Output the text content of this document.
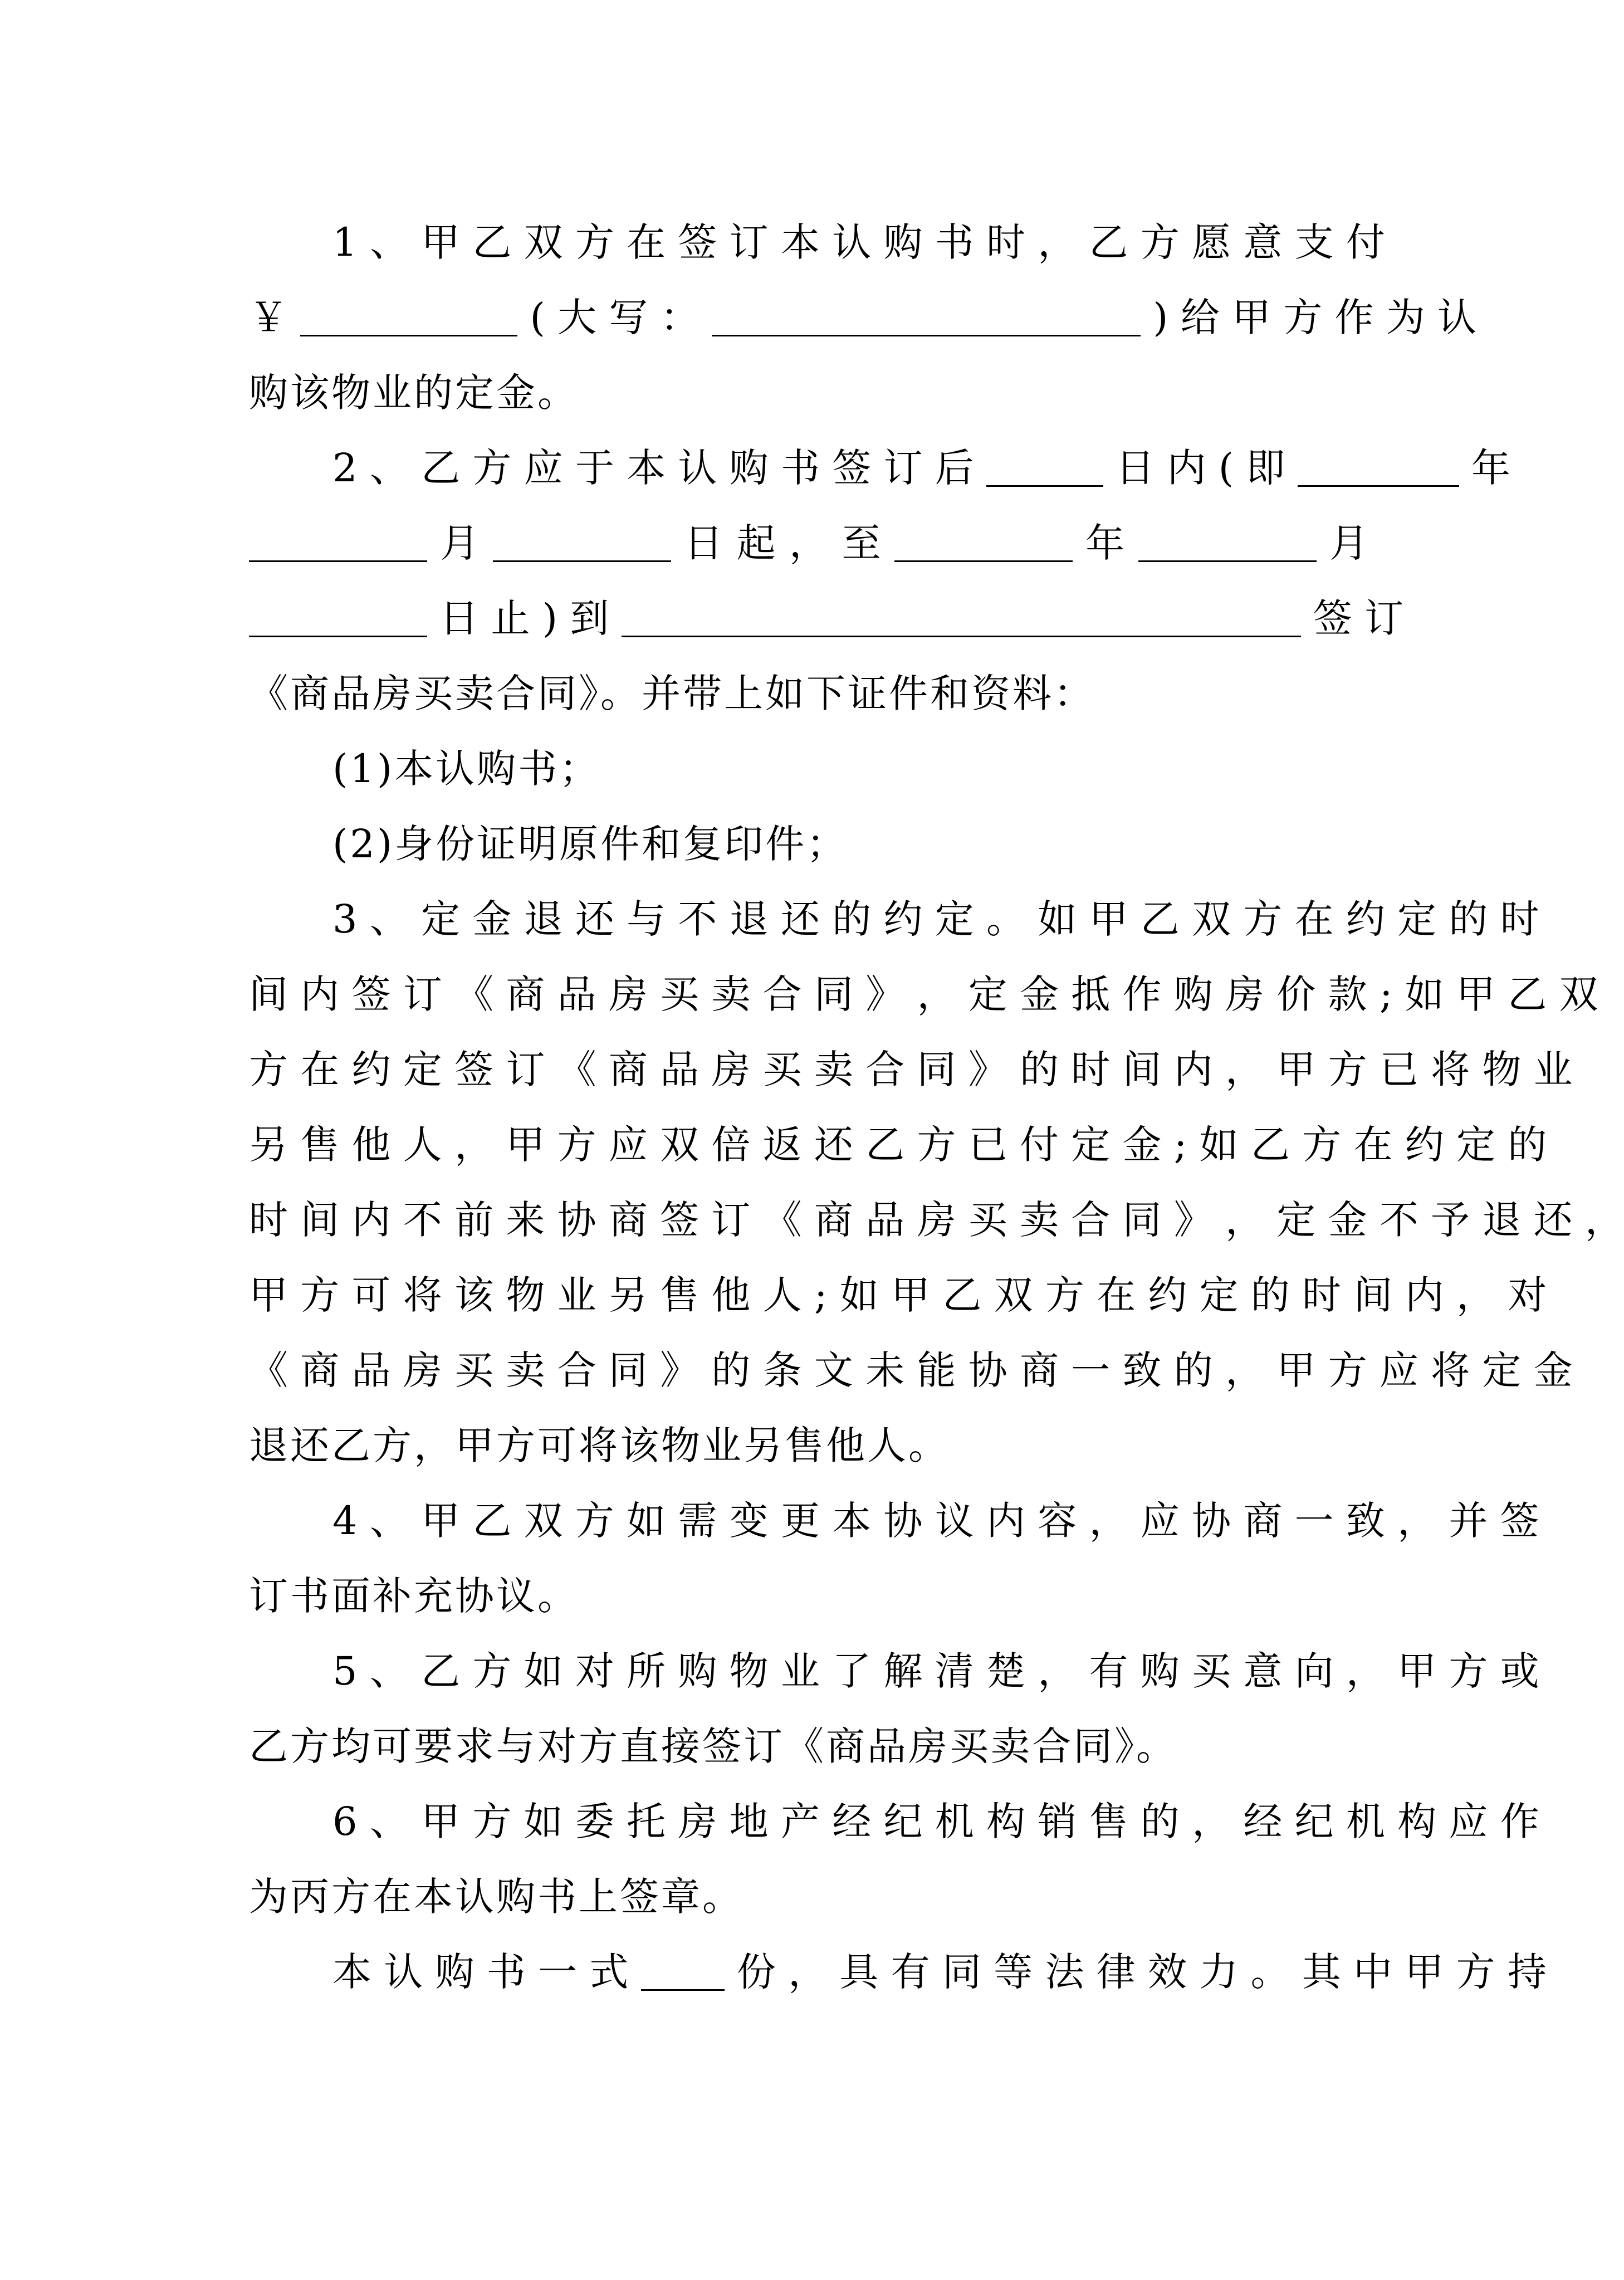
1 、 甲 乙 双 方 在 签 订 本 认 购 书 时 ， 乙 方 愿 意 支 付
￥	( 大 写 ：	) 给 甲 方 作 为 认
购该物业的定金。
2 、 乙 方 应 于 本 认 购 书 签 订 后	日 内 ( 即	年
月	日 起 ， 至	年	月
日 止 ) 到	签 订
《商品房买卖合同》。并带上如下证件和资料：
(1)本认购书；
(2)身份证明原件和复印件；
3 、 定 金 退 还 与 不 退 还 的 约 定 。 如 甲 乙 双 方 在 约 定 的 时
间 内 签 订 《 商 品 房 买 卖 合 同 》 ， 定 金 抵 作 购 房 价 款 ; 如 甲 乙 双
方 在 约 定 签 订 《 商 品 房 买 卖 合 同 》 的 时 间 内 ， 甲 方 已 将 物 业
另 售 他 人 ， 甲 方 应 双 倍 返 还 乙 方 已 付 定 金 ; 如 乙 方 在 约 定 的
时 间 内 不 前 来 协 商 签 订 《 商 品 房 买 卖 合 同 》 ， 定 金 不 予 退 还 ，
甲 方 可 将 该 物 业 另 售 他 人 ; 如 甲 乙 双 方 在 约 定 的 时 间 内 ， 对
《 商 品 房 买 卖 合 同 》 的 条 文 未 能 协 商 一 致 的 ， 甲 方 应 将 定 金
退还乙方，甲方可将该物业另售他人。
4 、 甲 乙 双 方 如 需 变 更 本 协 议 内 容 ， 应 协 商 一 致 ， 并 签
订书面补充协议。
5 、 乙 方 如 对 所 购 物 业 了 解 清 楚 ， 有 购 买 意 向 ， 甲 方 或
乙方均可要求与对方直接签订《商品房买卖合同》。
6 、 甲 方 如 委 托 房 地 产 经 纪 机 构 销 售 的 ， 经 纪 机 构 应 作
为丙方在本认购书上签章。
本 认 购 书 一 式	份 ， 具 有 同 等 法 律 效 力 。 其 中 甲 方 持
